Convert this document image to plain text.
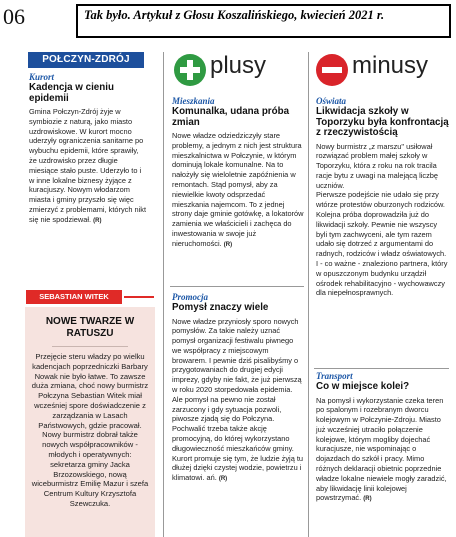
06	Tak było. Artykuł z Głosu Koszalińskiego, kwiecień 2021 r.
POŁCZYN-ZDRÓJ
Kurort
Kadencja w cieniu epidemii

Gmina Połczyn-Zdrój żyje w symbiozie z naturą, jako miasto uzdrowiskowe. W kurort mocno uderzyły ograniczenia sanitarne po wybuchu epidemii, które sprawiły, że uzdrowisko przez długie miesiące stało puste. Uderzyło to i w inne lokalne biznesy żyjące z kuracjuszy. Nowym włodarzom miasta i gminy przyszło się więc zmierzyć z problemami, których nikt się nie spodziewał. (R)

SEBASTIAN WITEK
NOWE TWARZE W RATUSZU
Przejęcie steru władzy po wielku kadencjach poprzedniczki Barbary Nowak nie było łatwe. To zawsze duża zmiana, choć nowy burmistrz Połczyna Sebastian Witek miał wcześniej spore doświadczenie z zarządzania w Lasach Państwowych, gdzie pracował. Nowy burmistrz dobrał także nowych współpracowników - młodych i operatywnych: sekretarza gminy Jacka Brzozowskiego, nową wiceburmistrz Emilię Mazur i szefa Centrum Kultury Krzysztofa Szewczuka.
plusy
Mieszkania
Komunalka, udana próba zmian

Nowe władze odziedziczyły stare problemy, a jednym z nich jest struktura mieszkalnictwa w Połczynie, w którym dominują lokale komunalne. Na to nałożyły się wieloletnie zapóźnienia w remontach. Stąd pomysł, aby za niewielkie kwoty odsprzedać mieszkania najemcom. To z jednej strony daje gminie gotówkę, a lokatorów zamienia we właścicieli i zachęca do inwestowania w swoje już nieruchomości. (R)

Promocja
Pomysł znaczy wiele

Nowe władze przyniosły sporo nowych pomysłów. Za takie należy uznać pomysł organizacji festiwalu piwnego we współpracy z miejscowym browarem. I pewnie dziś pisalibyśmy o przygotowaniach do drugiej edycji imprezy, gdyby nie fakt, że już pierwszą w roku 2020 storpedowała epidemia. Ale pomysł na pewno nie został zarzucony i gdy sytuacja pozwoli, piwosze zjadą się do Połczyna. Pochwalić trzeba także akcję promocyjną, do której wykorzystano długowieczność mieszkańców gminy. Kurort promuje się tym, że ludzie żyją tu dłużej dzięki czystej wodzie, powietrzu i klimatowi. ań. (R)

minusy
Oświata
Likwidacja szkoły w Toporzyku była konfrontacją z rzeczywistością

Nowy burmistrz „z marszu" usiłował rozwiązać problem małej szkoły w Toporzyku, która z roku na rok tracila racje bytu z uwagi na malejącą liczbę uczniów.

Pierwsze podejście nie udało się przy wtórze protestów oburzonych rodziców. Kolejna próba doprowadziła już do likwidacji szkoły. Pewnie nie wszyscy byli tym zachwyceni, ale tym razem udało się dotrzeć z argumentami do radnych, rodziców i władz oświatowych. I - co ważne - znaleziono partnera, który w opuszczonym budynku urządził ośrodek rehabilitacyjno - wychowawczy dla niepełnosprawnych.

Transport
Co w miejsce kolei?

Na pomysł i wykorzystanie czeka teren po spalonym i rozebranym dworcu kolejowym w Połczynie-Zdroju. Miasto już wcześniej utraciło połączenie kolejowe, którym mogliby dojechać kuracjusze, nie wspominając o dojazdach do szkół i pracy. Mimo różnych deklaracji obietnic poprzednie władze lokalne niewiele mogły zaradzić, aby likwidację linii kolejowej powstrzymać. (R)
